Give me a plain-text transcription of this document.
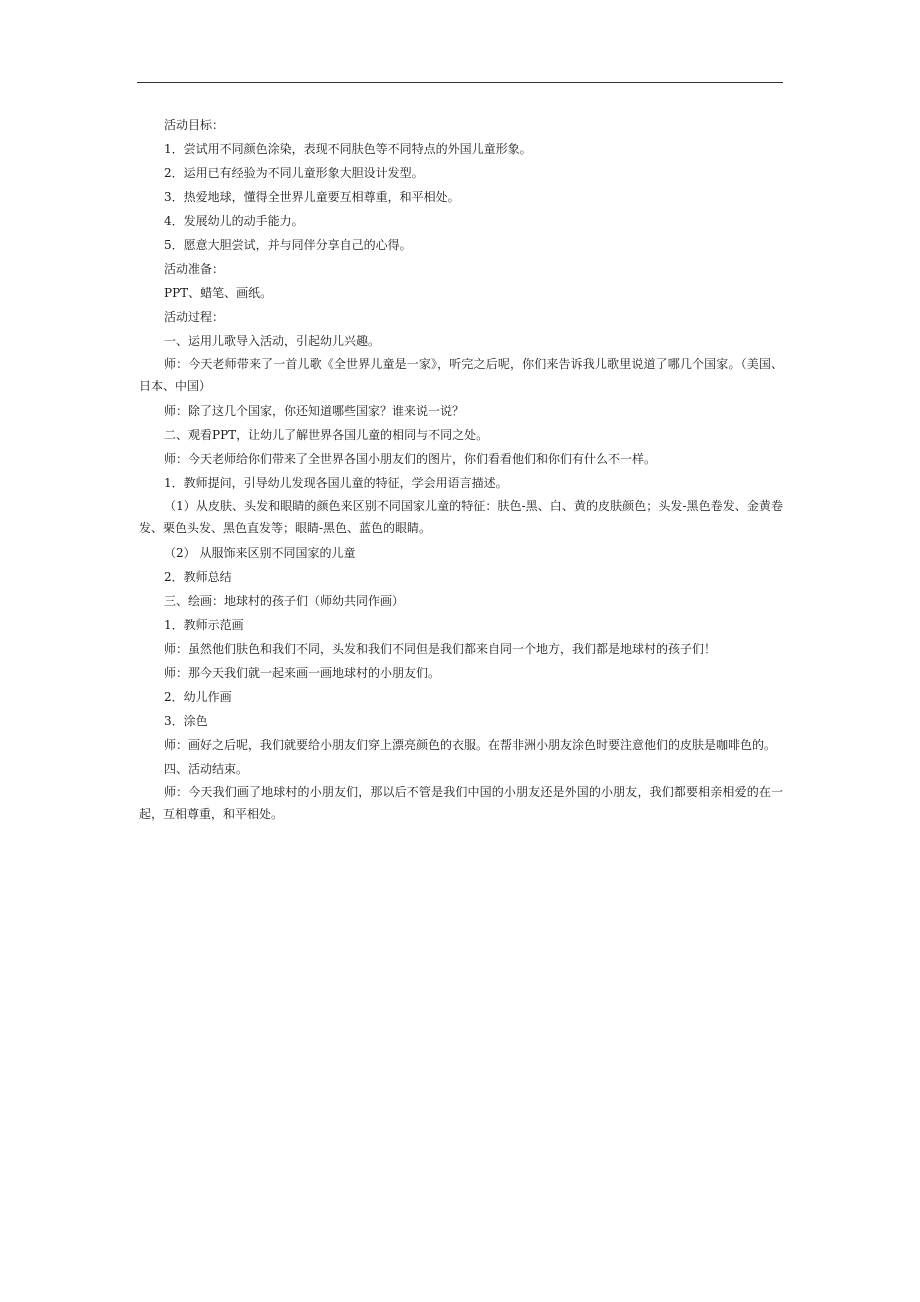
活动目标：

1．尝试用不同颜色涂染，表现不同肤色等不同特点的外国儿童形象。

2．运用已有经验为不同儿童形象大胆设计发型。

3．热爱地球，懂得全世界儿童要互相尊重，和平相处。

4．发展幼儿的动手能力。

5．愿意大胆尝试，并与同伴分享自己的心得。

活动准备：

PPT、蜡笔、画纸。

活动过程：

一、运用儿歌导入活动，引起幼儿兴趣。

师：今天老师带来了一首儿歌《全世界儿童是一家》，听完之后呢，你们来告诉我儿歌里说道了哪几个国家。（美国、日本、中国）

师：除了这几个国家，你还知道哪些国家？谁来说一说？

二、观看PPT，让幼儿了解世界各国儿童的相同与不同之处。

师：今天老师给你们带来了全世界各国小朋友们的图片，你们看看他们和你们有什么不一样。

1．教师提问，引导幼儿发现各国儿童的特征，学会用语言描述。

（1）从皮肤、头发和眼睛的颜色来区别不同国家儿童的特征：肤色-黑、白、黄的皮肤颜色；头发-黑色卷发、金黄卷发、栗色头发、黑色直发等；眼睛-黑色、蓝色的眼睛。

（2） 从服饰来区别不同国家的儿童

2．教师总结

三、绘画：地球村的孩子们（师幼共同作画）

1．教师示范画

师：虽然他们肤色和我们不同，头发和我们不同但是我们都来自同一个地方，我们都是地球村的孩子们！

师：那今天我们就一起来画一画地球村的小朋友们。

2．幼儿作画

3．涂色

师：画好之后呢，我们就要给小朋友们穿上漂亮颜色的衣服。在帮非洲小朋友涂色时要注意他们的皮肤是咖啡色的。

四、活动结束。

师：今天我们画了地球村的小朋友们，那以后不管是我们中国的小朋友还是外国的小朋友，我们都要相亲相爱的在一起，互相尊重，和平相处。
